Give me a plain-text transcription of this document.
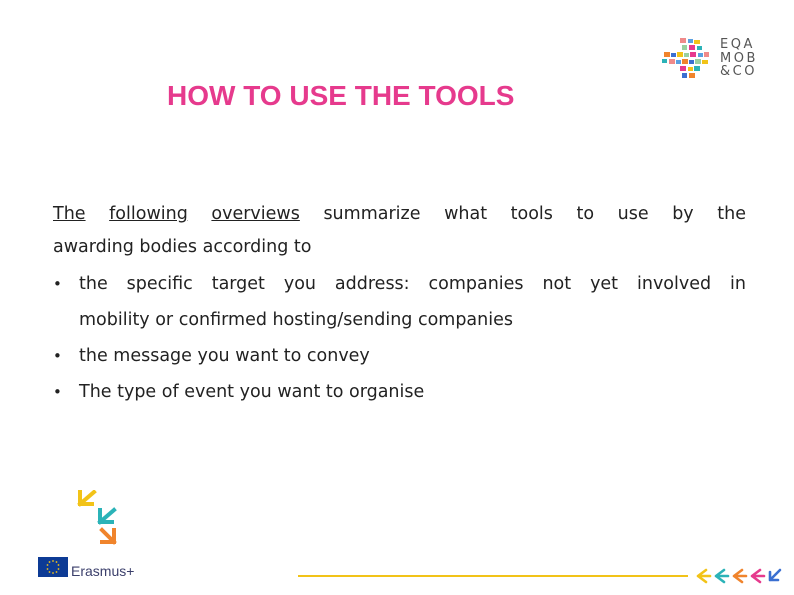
EQA
MOB
&CO
HOW TO USE THE TOOLS
The following overviews summarize what tools to use by the
awarding bodies according to
• the specific target you address: companies not yet involved in
mobility or confirmed hosting/sending companies
• the message you want to convey
• The type of event you want to organise
Erasmus+
